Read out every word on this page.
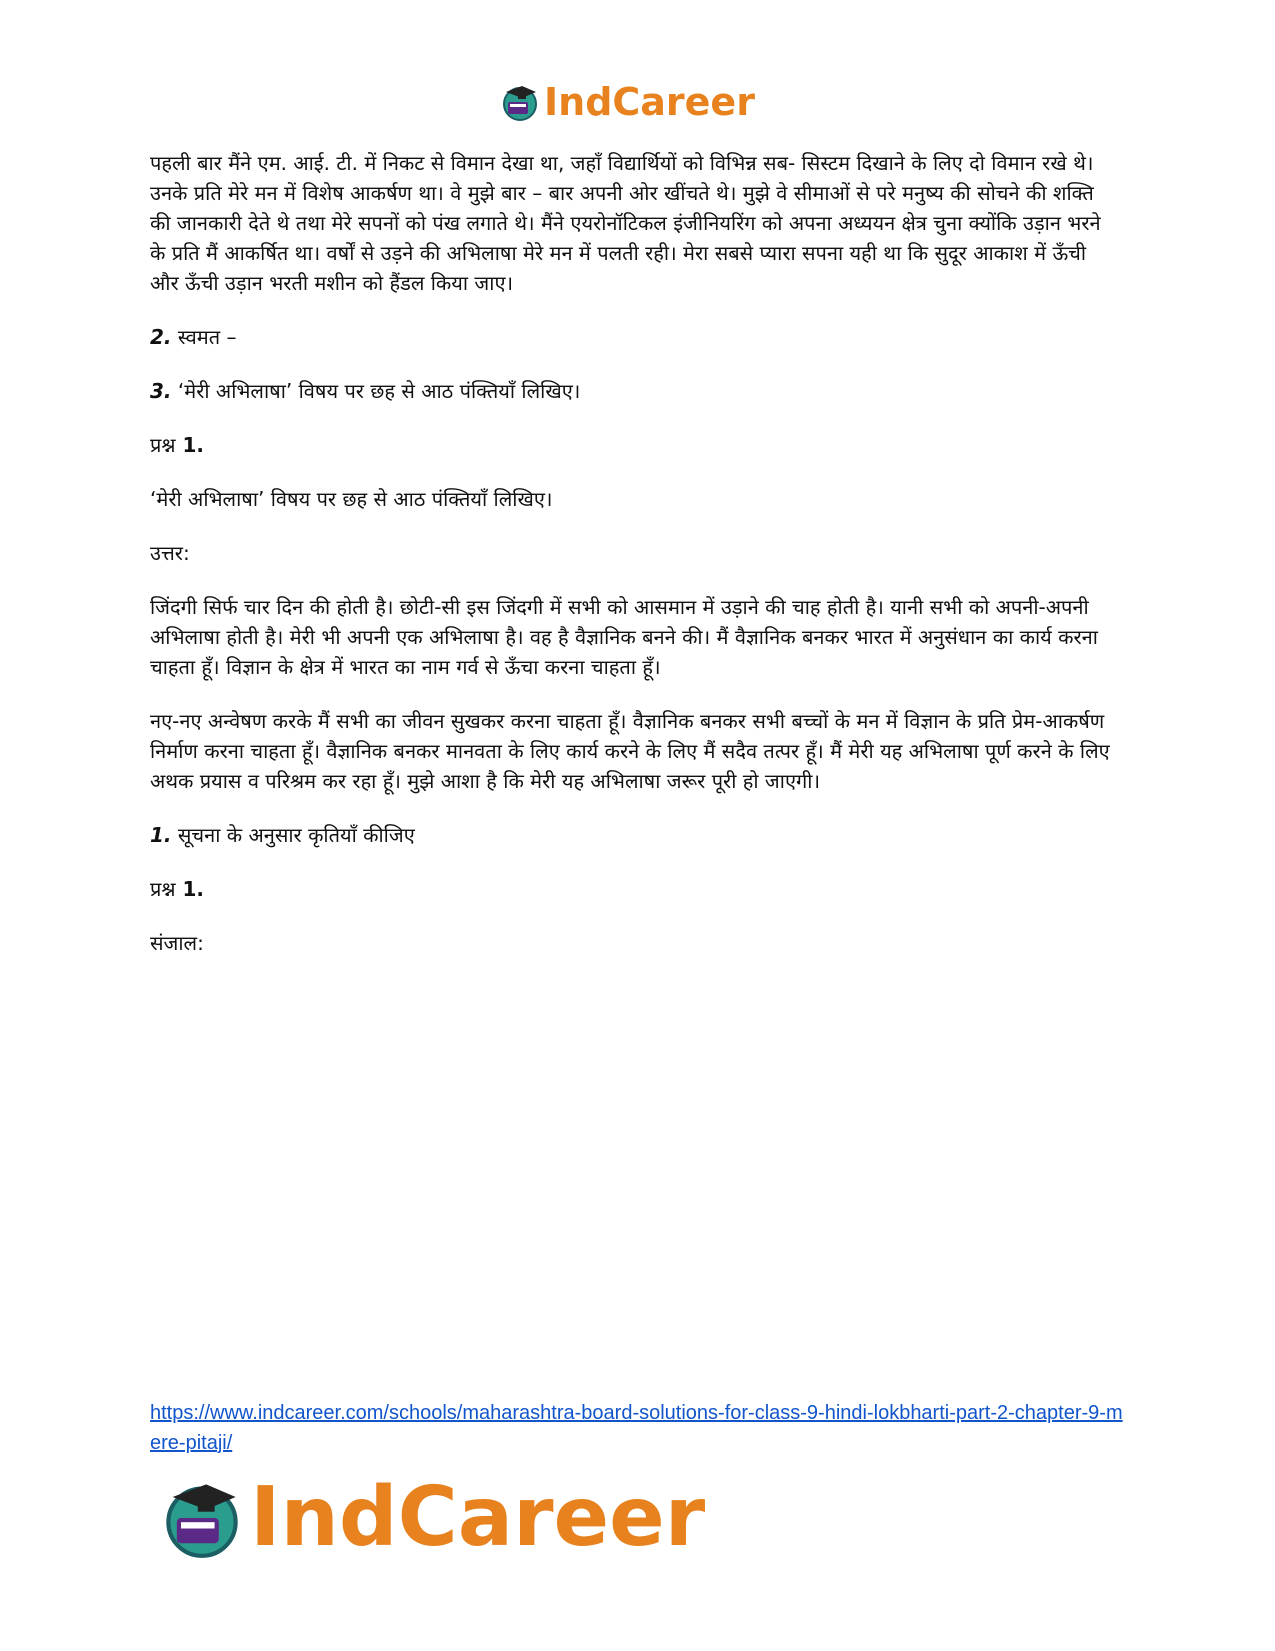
IndCareer

पहली बार मैंने एम. आई. टी. में निकट से विमान देखा था, जहाँ विद्यार्थियों को विभिन्न सब- सिस्टम दिखाने के लिए दो विमान रखे थे। उनके प्रति मेरे मन में विशेष आकर्षण था। वे मुझे बार – बार अपनी ओर खींचते थे। मुझे वे सीमाओं से परे मनुष्य की सोचने की शक्ति की जानकारी देते थे तथा मेरे सपनों को पंख लगाते थे। मैंने एयरोनॉटिकल इंजीनियरिंग को अपना अध्ययन क्षेत्र चुना क्योंकि उड़ान भरने के प्रति मैं आकर्षित था। वर्षों से उड़ने की अभिलाषा मेरे मन में पलती रही। मेरा सबसे प्यारा सपना यही था कि सुदूर आकाश में ऊँची और ऊँची उड़ान भरती मशीन को हैंडल किया जाए।

2. स्वमत –

3. ‘मेरी अभिलाषा’ विषय पर छह से आठ पंक्तियाँ लिखिए।

प्रश्न 1.

‘मेरी अभिलाषा’ विषय पर छह से आठ पंक्तियाँ लिखिए।

उत्तर:

जिंदगी सिर्फ चार दिन की होती है। छोटी-सी इस जिंदगी में सभी को आसमान में उड़ाने की चाह होती है। यानी सभी को अपनी-अपनी अभिलाषा होती है। मेरी भी अपनी एक अभिलाषा है। वह है वैज्ञानिक बनने की। मैं वैज्ञानिक बनकर भारत में अनुसंधान का कार्य करना चाहता हूँ। विज्ञान के क्षेत्र में भारत का नाम गर्व से ऊँचा करना चाहता हूँ।

नए-नए अन्वेषण करके मैं सभी का जीवन सुखकर करना चाहता हूँ। वैज्ञानिक बनकर सभी बच्चों के मन में विज्ञान के प्रति प्रेम-आकर्षण निर्माण करना चाहता हूँ। वैज्ञानिक बनकर मानवता के लिए कार्य करने के लिए मैं सदैव तत्पर हूँ। मैं मेरी यह अभिलाषा पूर्ण करने के लिए अथक प्रयास व परिश्रम कर रहा हूँ। मुझे आशा है कि मेरी यह अभिलाषा जरूर पूरी हो जाएगी।

1. सूचना के अनुसार कृतियाँ कीजिए

प्रश्न 1.

संजाल:

https://www.indcareer.com/schools/maharashtra-board-solutions-for-class-9-hindi-lokbharti-part-2-chapter-9-mere-pitaji/
IndCareer
